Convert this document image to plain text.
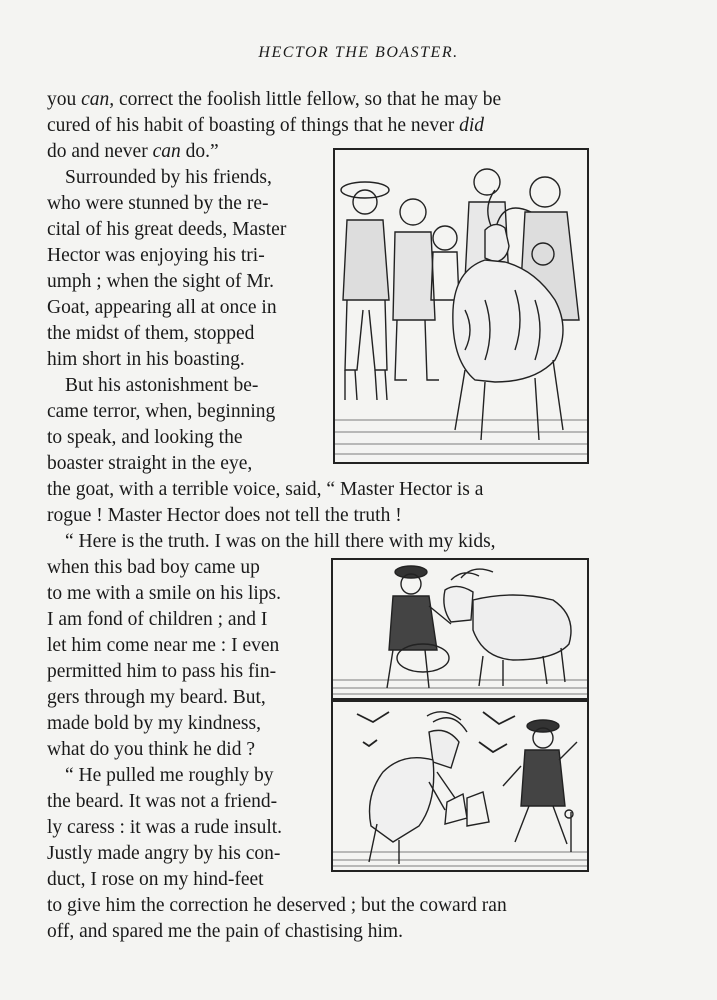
HECTOR THE BOASTER.
you can, correct the foolish little fellow, so that he may be
cured of his habit of boasting of things that he never did
do and never can do.”
Surrounded by his friends,
who were stunned by the re-
cital of his great deeds, Master
Hector was enjoying his tri-
umph ; when the sight of Mr.
Goat, appearing all at once in
the midst of them, stopped
him short in his boasting.
But his astonishment be-
came terror, when, beginning
to speak, and looking the
boaster straight in the eye,
the goat, with a terrible voice, said, “ Master Hector is a
rogue ! Master Hector does not tell the truth !
“ Here is the truth. I was on the hill there with my kids,
when this bad boy came up
to me with a smile on his lips.
I am fond of children ; and I
let him come near me : I even
permitted him to pass his fin-
gers through my beard. But,
made bold by my kindness,
what do you think he did ?
“ He pulled me roughly by
the beard. It was not a friend-
ly caress : it was a rude insult.
Justly made angry by his con-
duct, I rose on my hind-feet
to give him the correction he deserved ; but the coward ran
off, and spared me the pain of chastising him.
